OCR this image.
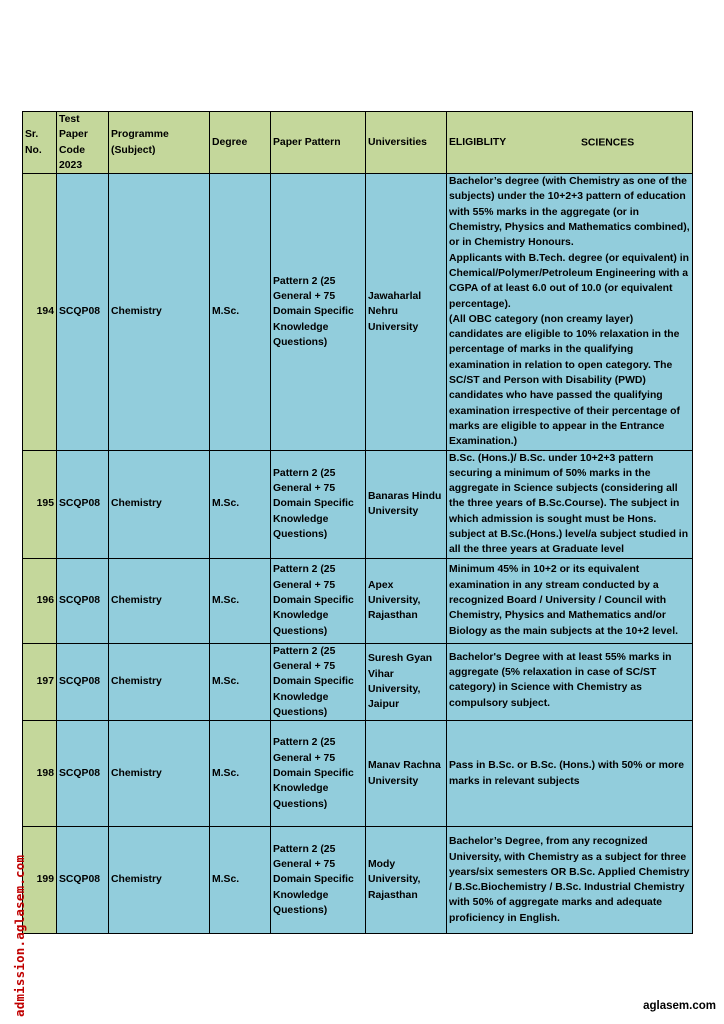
Sr. No.	Test Paper Code 2023	Programme (Subject)	Degree	Paper Pattern	Universities	ELIGIBLITY SCIENCES

194	SCQP08	Chemistry	M.Sc.	Pattern 2 (25 General + 75 Domain Specific Knowledge Questions)	Jawaharlal Nehru University	Bachelor’s degree (with Chemistry as one of the subjects) under the 10+2+3 pattern of education with 55% marks in the aggregate (or in Chemistry, Physics and Mathematics combined), or in Chemistry Honours.
Applicants with B.Tech. degree (or equivalent) in Chemical/Polymer/Petroleum Engineering with a CGPA of at least 6.0 out of 10.0 (or equivalent percentage).
(All OBC category (non creamy layer) candidates are eligible to 10% relaxation in the percentage of marks in the qualifying examination in relation to open category. The SC/ST and Person with Disability (PWD) candidates who have passed the qualifying examination irrespective of their percentage of marks are eligible to appear in the Entrance Examination.)

195	SCQP08	Chemistry	M.Sc.	Pattern 2 (25 General + 75 Domain Specific Knowledge Questions)	Banaras Hindu University	B.Sc. (Hons.)/ B.Sc. under 10+2+3 pattern securing a minimum of 50% marks in the aggregate in Science subjects (considering all the three years of B.Sc.Course). The subject in which admission is sought must be Hons. subject at B.Sc.(Hons.) level/a subject studied in all the three years at Graduate level
196	SCQP08	Chemistry	M.Sc.	Pattern 2 (25 General + 75 Domain Specific Knowledge Questions)	Apex University, Rajasthan	Minimum 45% in 10+2 or its equivalent examination in any stream conducted by a recognized Board / University / Council with Chemistry, Physics and Mathematics and/or Biology as the main subjects at the 10+2 level.
197	SCQP08	Chemistry	M.Sc.	Pattern 2 (25 General + 75 Domain Specific Knowledge Questions)	Suresh Gyan Vihar University, Jaipur	Bachelor's Degree with at least 55% marks in aggregate (5% relaxation in case of SC/ST category) in Science with Chemistry as compulsory subject.

198	SCQP08	Chemistry	M.Sc.	Pattern 2 (25 General + 75 Domain Specific Knowledge Questions)	Manav Rachna University	Pass in B.Sc. or B.Sc. (Hons.) with 50% or more marks in relevant subjects
199	SCQP08	Chemistry	M.Sc.	Pattern 2 (25 General + 75 Domain Specific Knowledge Questions)	Mody University, Rajasthan	Bachelor’s Degree, from any recognized University, with Chemistry as a subject for three years/six semesters OR B.Sc. Applied Chemistry / B.Sc.Biochemistry / B.Sc. Industrial Chemistry with 50% of aggregate marks and adequate proficiency in English.
admission.aglasem.com	aglasem.com
